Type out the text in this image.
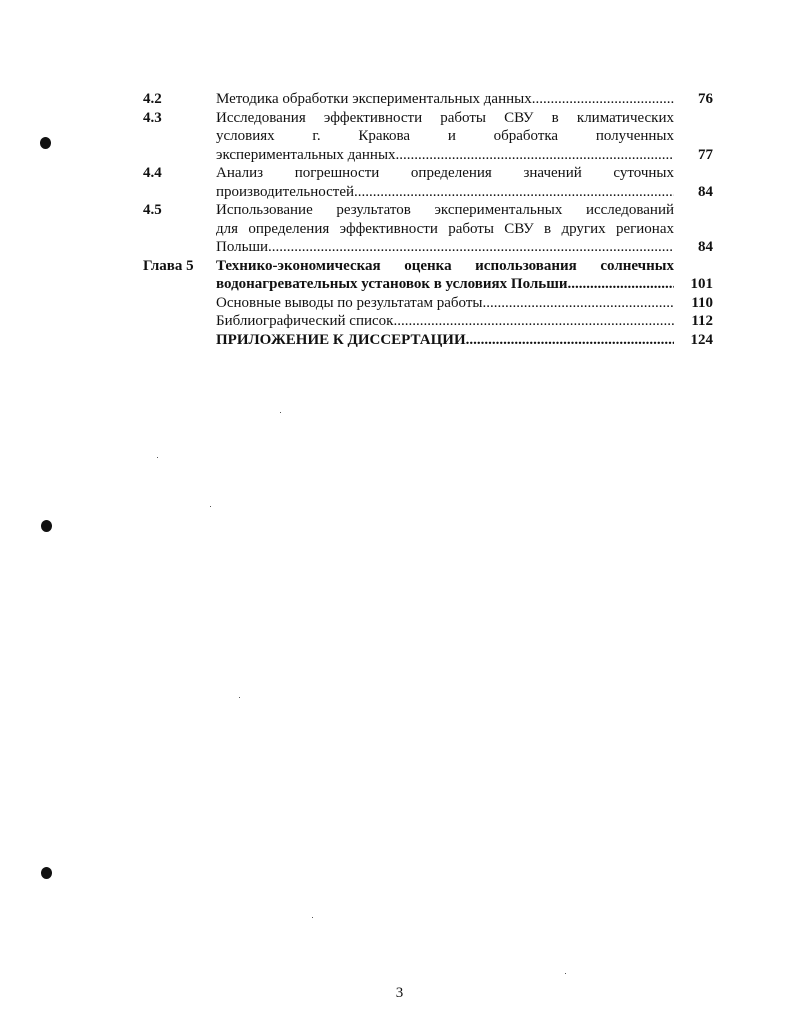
4.2	Методика обработки экспериментальных данных .....	76
4.3	Исследования эффективности работы СВУ в климатических
условиях г. Кракова и обработка полученных
экспериментальных данных .....	77
4.4	Анализ погрешности определения значений суточных
производительностей .....	84
4.5	Использование результатов экспериментальных исследований
для определения эффективности работы СВУ в других регионах
Польши .....	84
Глава 5	Технико-экономическая оценка использования солнечных
водонагревательных установок в условиях Польши .....	101
Основные выводы по результатам работы .....	110
Библиографический список .....	112
ПРИЛОЖЕНИЕ К ДИССЕРТАЦИИ .....	124
3
